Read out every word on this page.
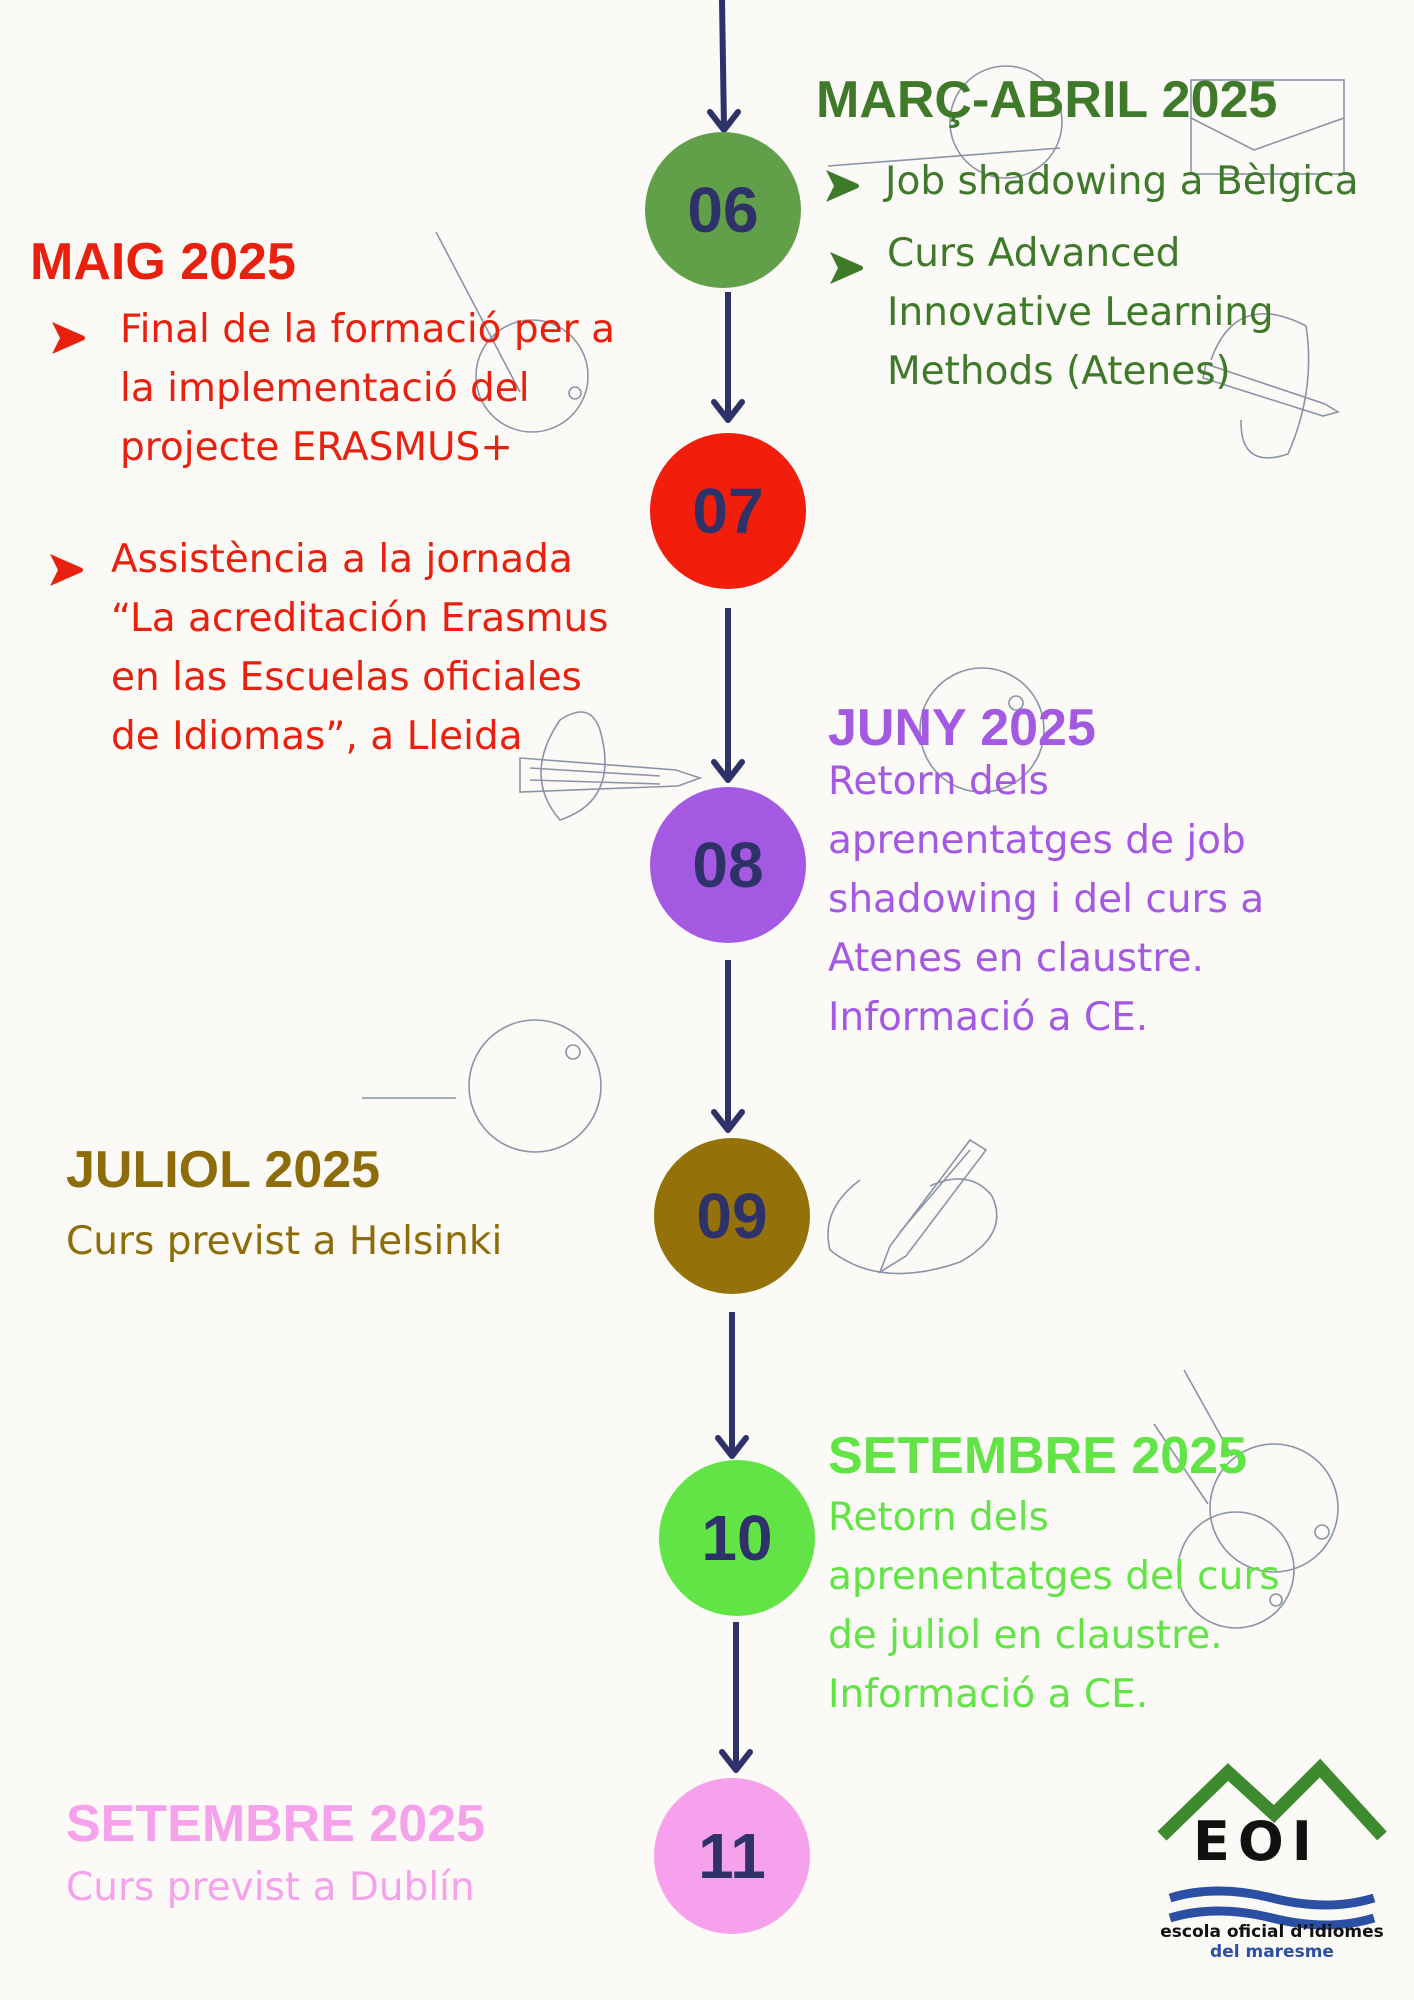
06
07
08
09
10
11
MARÇ-ABRIL 2025
Job shadowing a Bèlgica
Curs Advanced Innovative Learning Methods (Atenes)
MAIG 2025
Final de la formació per a la implementació del projecte ERASMUS+
Assistència a la jornada “La acreditación Erasmus en las Escuelas oficiales de Idiomas”, a Lleida	JUNY 2025
Retorn dels aprenentatges de job shadowing i del curs a Atenes en claustre. Informació a CE.
JULIOL 2025
Curs previst a Helsinki
SETEMBRE 2025
Retorn dels aprenentatges del curs de juliol en claustre. Informació a CE.
SETEMBRE 2025
Curs previst a Dublín
EOI
escola oficial d’idiomes
del maresme
